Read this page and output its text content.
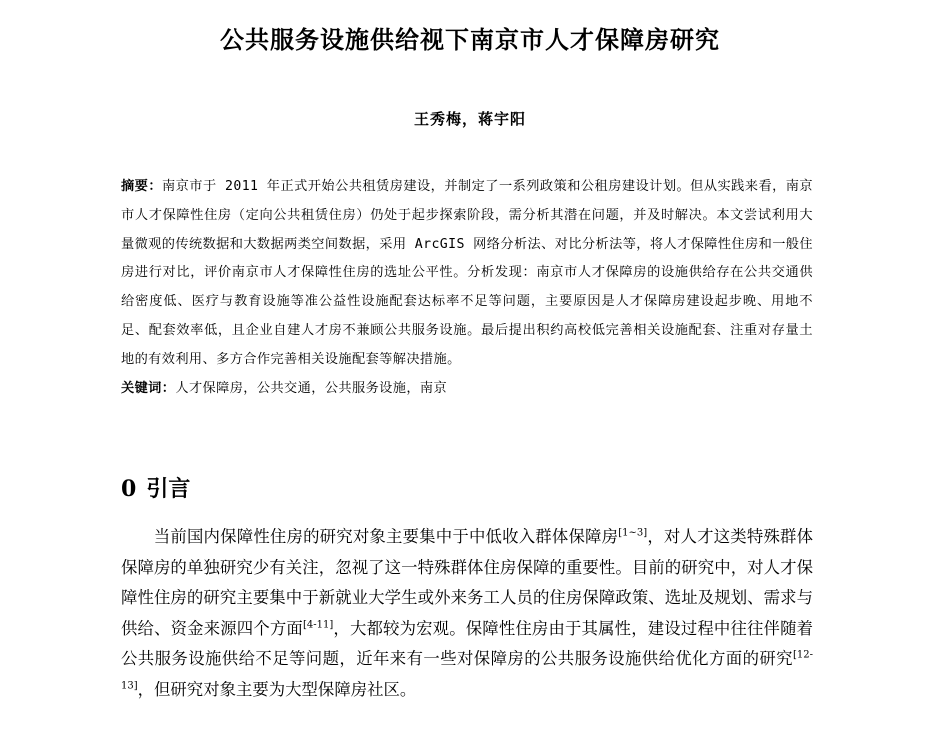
公共服务设施供给视下南京市人才保障房研究
王秀梅，蒋宇阳
摘要：南京市于 2011 年正式开始公共租赁房建设，并制定了一系列政策和公租房建设计划。但从实践来看，南京市人才保障性住房（定向公共租赁住房）仍处于起步探索阶段，需分析其潜在问题，并及时解决。本文尝试利用大量微观的传统数据和大数据两类空间数据，采用 ArcGIS 网络分析法、对比分析法等，将人才保障性住房和一般住房进行对比，评价南京市人才保障性住房的选址公平性。分析发现：南京市人才保障房的设施供给存在公共交通供给密度低、医疗与教育设施等准公益性设施配套达标率不足等问题，主要原因是人才保障房建设起步晚、用地不足、配套效率低，且企业自建人才房不兼顾公共服务设施。最后提出积约高校低完善相关设施配套、注重对存量土地的有效利用、多方合作完善相关设施配套等解决措施。
关键词：人才保障房，公共交通，公共服务设施，南京
0 引言
当前国内保障性住房的研究对象主要集中于中低收入群体保障房[1~3]，对人才这类特殊群体保障房的单独研究少有关注，忽视了这一特殊群体住房保障的重要性。目前的研究中，对人才保障性住房的研究主要集中于新就业大学生或外来务工人员的住房保障政策、选址及规划、需求与供给、资金来源四个方面[4-11]，大都较为宏观。保障性住房由于其属性，建设过程中往往伴随着公共服务设施供给不足等问题，近年来有一些对保障房的公共服务设施供给优化方面的研究[12-13]，但研究对象主要为大型保障房社区。
